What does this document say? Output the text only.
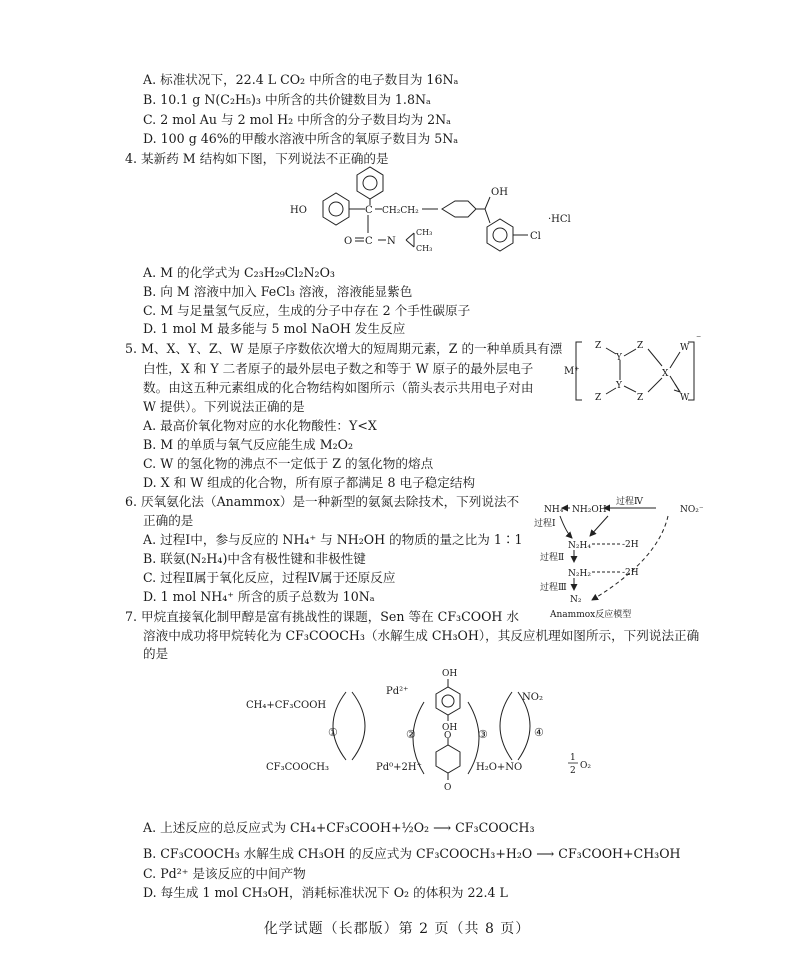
A. 标准状况下，22.4 L CO₂ 中所含的电子数目为 16Nₐ
B. 10.1 g N(C₂H₅)₃ 中所含的共价键数目为 1.8Nₐ
C. 2 mol Au 与 2 mol H₂ 中所含的分子数目均为 2Nₐ
D. 100 g 46%的甲酸水溶液中所含的氧原子数目为 5Nₐ
4. 某新药 M 结构如下图，下列说法不正确的是
HO	C CH₂CH₂
OH
·HCl
Cl
O C N
CH₃
CH₃
A. M 的化学式为 C₂₃H₂₉Cl₂N₂O₃
B. 向 M 溶液中加入 FeCl₃ 溶液，溶液能显紫色
C. M 与足量氢气反应，生成的分子中存在 2 个手性碳原子
D. 1 mol M 最多能与 5 mol NaOH 发生反应
5. M、X、Y、Z、W 是原子序数依次增大的短周期元素，Z 的一种单质具有漂
白性，X 和 Y 二者原子的最外层电子数之和等于 W 原子的最外层电子
数。由这五种元素组成的化合物结构如图所示（箭头表示共用电子对由
W 提供）。下列说法正确的是
M⁺
Z
Y
Z
X
W
W
Z
Y
Z
⁻
A. 最高价氧化物对应的水化物酸性：Y<X
B. M 的单质与氧气反应能生成 M₂O₂
C. W 的氢化物的沸点不一定低于 Z 的氢化物的熔点
D. X 和 W 组成的化合物，所有原子都满足 8 电子稳定结构
6. 厌氧氨化法（Anammox）是一种新型的氨氮去除技术，下列说法不
正确的是
A. 过程Ⅰ中，参与反应的 NH₄⁺ 与 NH₂OH 的物质的量之比为 1∶1
B. 联氨(N₂H₄)中含有极性键和非极性键
C. 过程Ⅱ属于氧化反应，过程Ⅳ属于还原反应
D. 1 mol NH₄⁺ 所含的质子总数为 10Nₐ
NH₄⁺
过程Ⅰ
NH₂OH
过程Ⅳ
NO₂⁻
N₂H₄	-2H
过程Ⅱ
N₂H₂	-2H
过程Ⅲ
N₂
Anammox反应模型
7. 甲烷直接氧化制甲醇是富有挑战性的课题，Sen 等在 CF₃COOH 水
溶液中成功将甲烷转化为 CF₃COOCH₃（水解生成 CH₃OH），其反应机理如图所示，下列说法正确
的是
CH₄+CF₃COOH
Pd²⁺
CF₃COOCH₃	Pd⁰+2H⁺
①	②	③	④
OH
OH
O
O
NO₂
H₂O+NO
1
2 O₂
A. 上述反应的总反应式为 CH₄+CF₃COOH+½O₂ ⟶ CF₃COOCH₃
B. CF₃COOCH₃ 水解生成 CH₃OH 的反应式为 CF₃COOCH₃+H₂O ⟶ CF₃COOH+CH₃OH
C. Pd²⁺ 是该反应的中间产物
D. 每生成 1 mol CH₃OH，消耗标准状况下 O₂ 的体积为 22.4 L
化学试题（长郡版）第 2 页（共 8 页）
